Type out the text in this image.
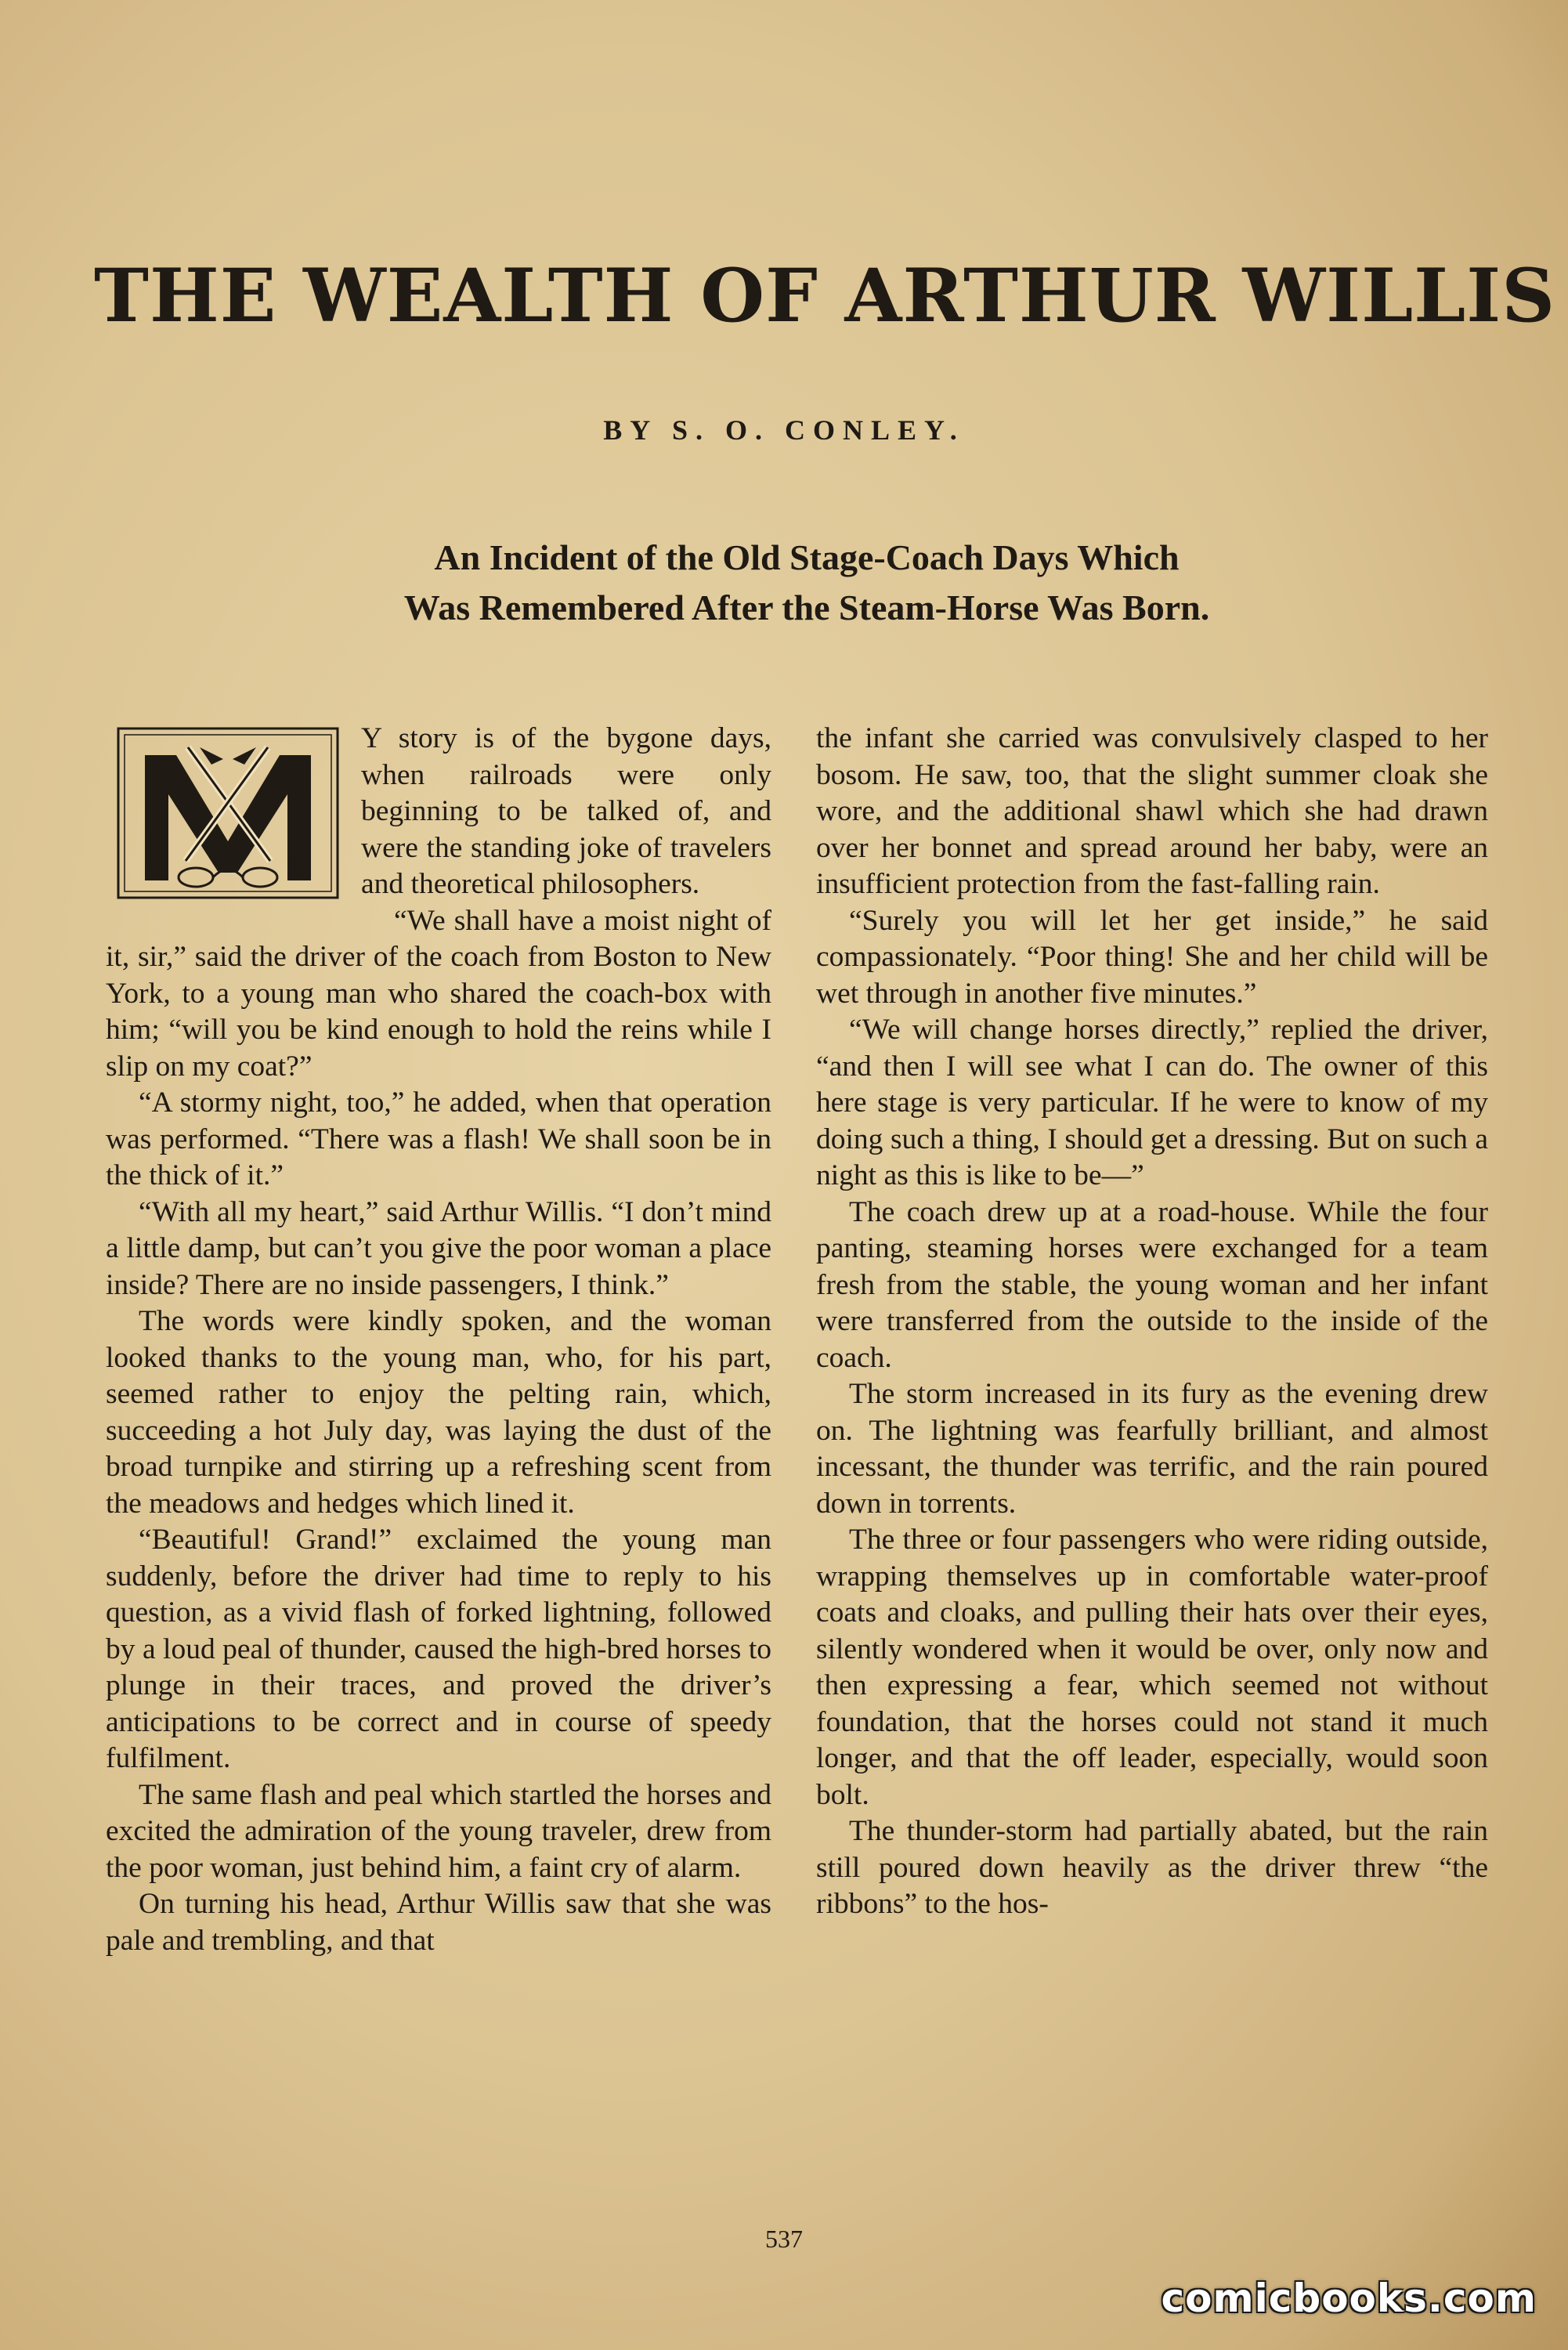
THE WEALTH OF ARTHUR WILLIS
BY S. O. CONLEY.
An Incident of the Old Stage-Coach Days Which
Was Remembered After the Steam-Horse Was Born.

Y story is of the bygone days, when railroads were only beginning to be talked of, and were the standing joke of travelers and theoretical philosophers.

“We shall have a moist night of it, sir,” said the driver of the coach from Boston to New York, to a young man who shared the coach-box with him; “will you be kind enough to hold the reins while I slip on my coat?”

“A stormy night, too,” he added, when that operation was performed. “There was a flash! We shall soon be in the thick of it.”

“With all my heart,” said Arthur Willis. “I don’t mind a little damp, but can’t you give the poor woman a place inside? There are no inside passengers, I think.”

The words were kindly spoken, and the woman looked thanks to the young man, who, for his part, seemed rather to enjoy the pelting rain, which, succeeding a hot July day, was laying the dust of the broad turnpike and stirring up a refreshing scent from the meadows and hedges which lined it.

“Beautiful! Grand!” exclaimed the young man suddenly, before the driver had time to reply to his question, as a vivid flash of forked lightning, followed by a loud peal of thunder, caused the high-bred horses to plunge in their traces, and proved the driver’s anticipations to be correct and in course of speedy fulfilment.

The same flash and peal which startled the horses and excited the admiration of the young traveler, drew from the poor woman, just behind him, a faint cry of alarm.

On turning his head, Arthur Willis saw that she was pale and trembling, and that

the infant she carried was convulsively clasped to her bosom. He saw, too, that the slight summer cloak she wore, and the additional shawl which she had drawn over her bonnet and spread around her baby, were an insufficient protection from the fast-falling rain.

“Surely you will let her get inside,” he said compassionately. “Poor thing! She and her child will be wet through in another five minutes.”

“We will change horses directly,” replied the driver, “and then I will see what I can do. The owner of this here stage is very particular. If he were to know of my doing such a thing, I should get a dressing. But on such a night as this is like to be—”

The coach drew up at a road-house. While the four panting, steaming horses were exchanged for a team fresh from the stable, the young woman and her infant were transferred from the outside to the inside of the coach.

The storm increased in its fury as the evening drew on. The lightning was fearfully brilliant, and almost incessant, the thunder was terrific, and the rain poured down in torrents.

The three or four passengers who were riding outside, wrapping themselves up in comfortable water-proof coats and cloaks, and pulling their hats over their eyes, silently wondered when it would be over, only now and then expressing a fear, which seemed not without foundation, that the horses could not stand it much longer, and that the off leader, especially, would soon bolt.

The thunder-storm had partially abated, but the rain still poured down heavily as the driver threw “the ribbons” to the hos-

537
comicbooks.com
